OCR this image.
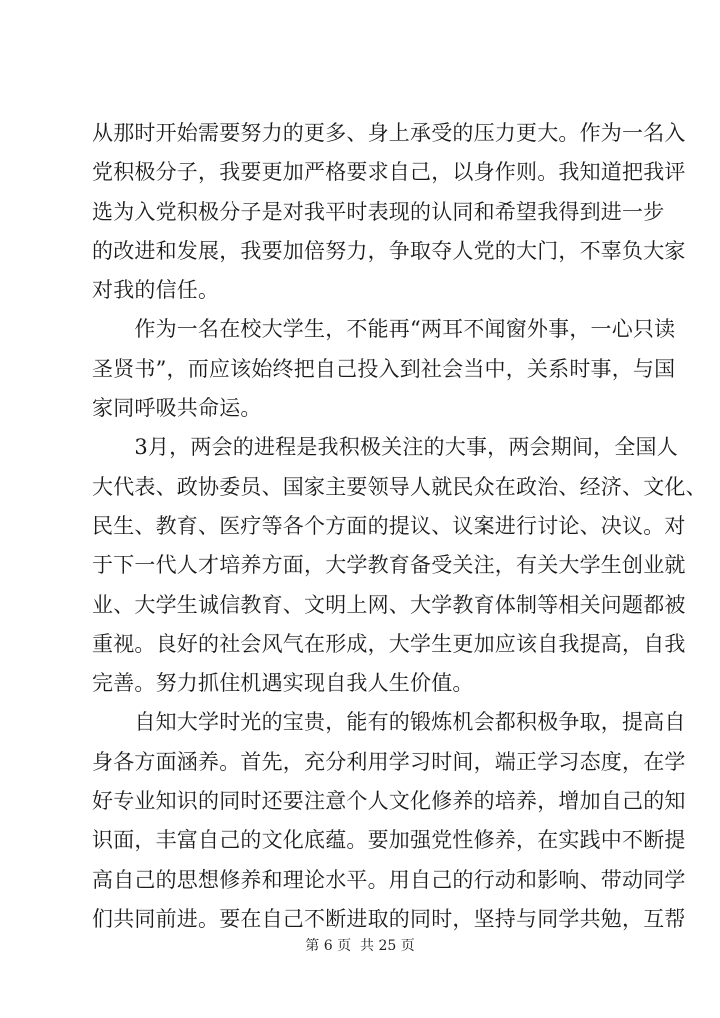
从那时开始需要努力的更多、身上承受的压力更大。作为一名入
党积极分子，我要更加严格要求自己，以身作则。我知道把我评
选为入党积极分子是对我平时表现的认同和希望我得到进一步
的改进和发展，我要加倍努力，争取夺人党的大门，不辜负大家
对我的信任。
　　作为一名在校大学生，不能再“两耳不闻窗外事，一心只读
圣贤书”，而应该始终把自己投入到社会当中，关系时事，与国
家同呼吸共命运。
　　3月，两会的进程是我积极关注的大事，两会期间，全国人
大代表、政协委员、国家主要领导人就民众在政治、经济、文化、
民生、教育、医疗等各个方面的提议、议案进行讨论、决议。对
于下一代人才培养方面，大学教育备受关注，有关大学生创业就
业、大学生诚信教育、文明上网、大学教育体制等相关问题都被
重视。良好的社会风气在形成，大学生更加应该自我提高，自我
完善。努力抓住机遇实现自我人生价值。
　　自知大学时光的宝贵，能有的锻炼机会都积极争取，提高自
身各方面涵养。首先，充分利用学习时间，端正学习态度，在学
好专业知识的同时还要注意个人文化修养的培养，增加自己的知
识面，丰富自己的文化底蕴。要加强党性修养，在实践中不断提
高自己的思想修养和理论水平。用自己的行动和影响、带动同学
们共同前进。要在自己不断进取的同时，坚持与同学共勉，互帮
第 6 页  共 25 页
